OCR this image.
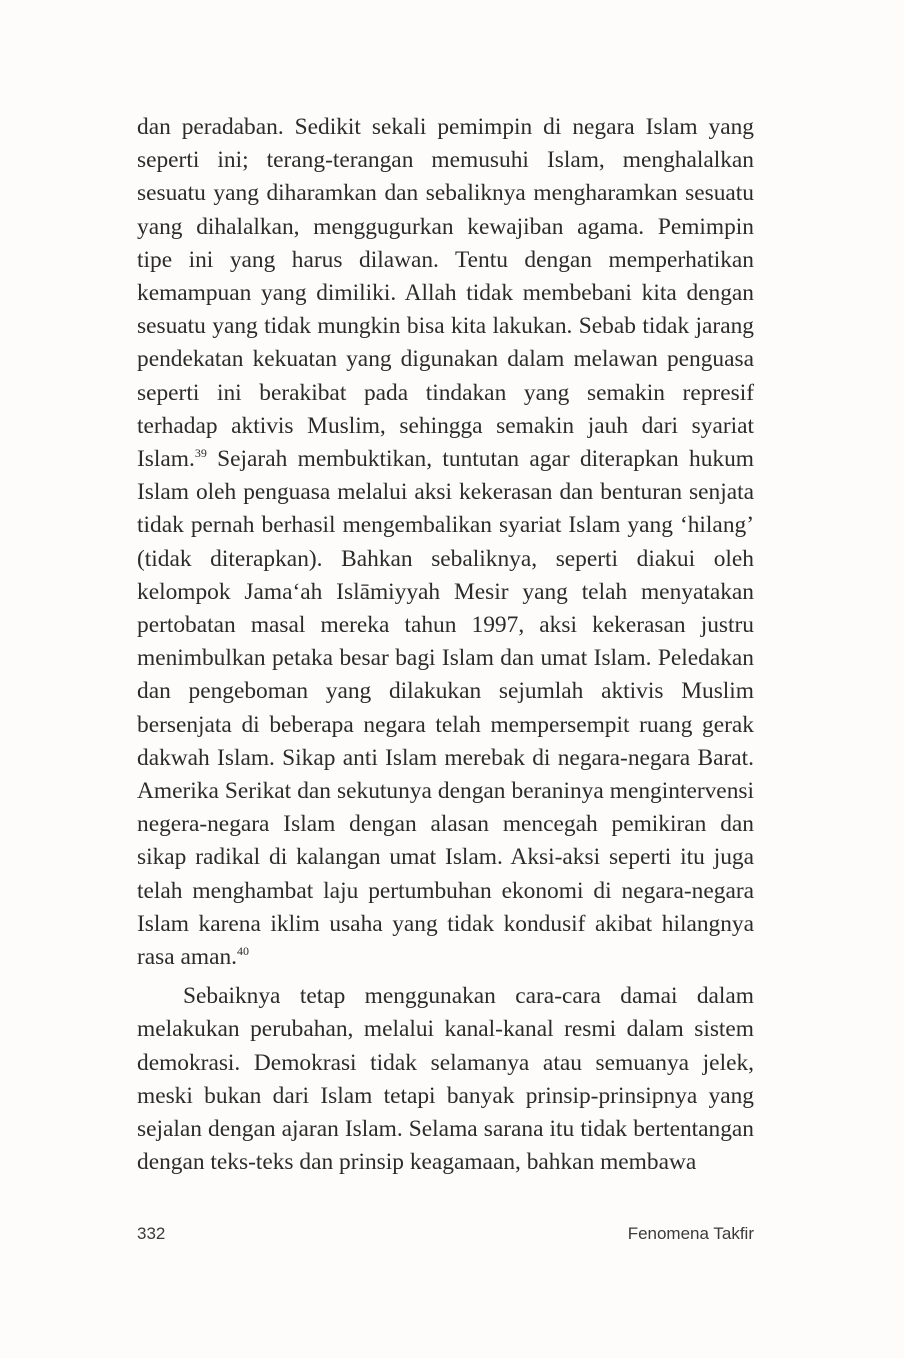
dan peradaban. Sedikit sekali pemimpin di negara Islam yang seperti ini; terang-terangan memusuhi Islam, menghalalkan sesuatu yang diharamkan dan sebaliknya mengharamkan sesuatu yang dihalalkan, menggugurkan kewajiban agama. Pemimpin tipe ini yang harus dilawan. Tentu dengan memperhatikan kemampuan yang dimiliki. Allah tidak membebani kita dengan sesuatu yang tidak mungkin bisa kita lakukan. Sebab tidak jarang pendekatan kekuatan yang digunakan dalam melawan penguasa seperti ini berakibat pada tindakan yang semakin represif terhadap aktivis Muslim, sehingga semakin jauh dari syariat Islam.$^{39}$ Sejarah membuktikan, tuntutan agar diterapkan hukum Islam oleh penguasa melalui aksi kekerasan dan benturan senjata tidak pernah berhasil mengembalikan syariat Islam yang ‘hilang’ (tidak diterapkan). Bahkan sebaliknya, seperti diakui oleh kelompok Jama‘ah Islāmiyyah Mesir yang telah menyatakan pertobatan masal mereka tahun 1997, aksi kekerasan justru menimbulkan petaka besar bagi Islam dan umat Islam. Peledakan dan pengeboman yang dilakukan sejumlah aktivis Muslim bersenjata di beberapa negara telah mempersempit ruang gerak dakwah Islam. Sikap anti Islam merebak di negara-negara Barat. Amerika Serikat dan sekutunya dengan beraninya mengintervensi negera-negara Islam dengan alasan mencegah pemikiran dan sikap radikal di kalangan umat Islam. Aksi-aksi seperti itu juga telah menghambat laju pertumbuhan ekonomi di negara-negara Islam karena iklim usaha yang tidak kondusif akibat hilangnya rasa aman.$^{40}$

Sebaiknya tetap menggunakan cara-cara damai dalam melakukan perubahan, melalui kanal-kanal resmi dalam sistem demokrasi. Demokrasi tidak selamanya atau semuanya jelek, meski bukan dari Islam tetapi banyak prinsip-prinsipnya yang sejalan dengan ajaran Islam. Selama sarana itu tidak bertentangan dengan teks-teks dan prinsip keagamaan, bahkan membawa

332	Fenomena Takfir
